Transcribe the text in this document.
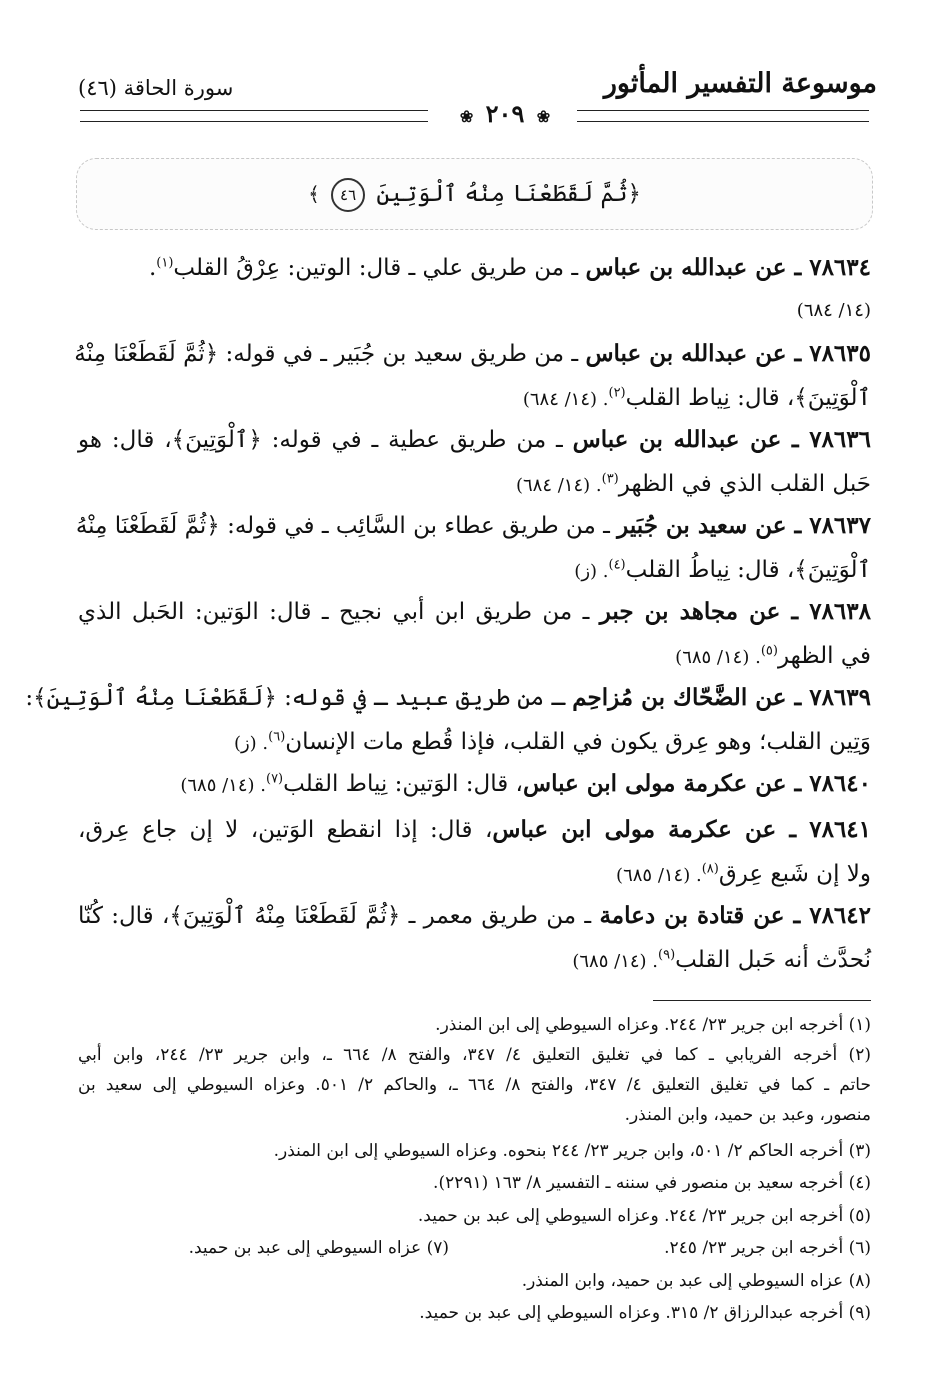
موسوعة التفسير المأثور
سورة الحاقة (٤٦)
❀ ٢٠٩ ❀
﴿ثُمَّ لَقَطَعْنَا مِنْهُ ٱلْوَتِينَ ٤٦ ﴾
٧٨٦٣٤ ـ عن عبدالله بن عباس ـ من طريق علي ـ قال: الوتين: عِرْقُ القلب$^{(١)}$.
(١٤/ ٦٨٤)
٧٨٦٣٥ ـ عن عبدالله بن عباس ـ من طريق سعيد بن جُبَير ـ في قوله: ﴿ثُمَّ لَقَطَعْنَا مِنْهُ
ٱلْوَتِينَ﴾، قال: نِياط القلب$^{(٢)}$. (١٤/ ٦٨٤)
٧٨٦٣٦ ـ عن عبدالله بن عباس ـ من طريق عطية ـ في قوله: ﴿ٱلْوَتِينَ﴾، قال: هو
حَبل القلب الذي في الظهر$^{(٣)}$. (١٤/ ٦٨٤)
٧٨٦٣٧ ـ عن سعيد بن جُبَير ـ من طريق عطاء بن السَّائِب ـ في قوله: ﴿ثُمَّ لَقَطَعْنَا مِنْهُ
ٱلْوَتِينَ﴾، قال: نِياطُ القلب$^{(٤)}$. (ز)
٧٨٦٣٨ ـ عن مجاهد بن جبر ـ من طريق ابن أبي نجيح ـ قال: الوَتين: الحَبل الذي
في الظهر$^{(٥)}$. (١٤/ ٦٨٥)
٧٨٦٣٩ ـ عن الضَّحّاك بن مُزاحِم ـ من طريق عبيد ـ في قوله: ﴿لَقَطَعْنَا مِنْهُ ٱلْوَتِينَ﴾:
وَتِين القلب؛ وهو عِرق يكون في القلب، فإذا قُطع مات الإنسان$^{(٦)}$. (ز)
٧٨٦٤٠ ـ عن عكرمة مولى ابن عباس، قال: الوَتين: نِياط القلب$^{(٧)}$. (١٤/ ٦٨٥)
٧٨٦٤١ ـ عن عكرمة مولى ابن عباس، قال: إذا انقطع الوَتين، لا إن جاع عِرق،
ولا إن شَبع عِرق$^{(٨)}$. (١٤/ ٦٨٥)
٧٨٦٤٢ ـ عن قتادة بن دعامة ـ من طريق معمر ـ ﴿ثُمَّ لَقَطَعْنَا مِنْهُ ٱلْوَتِينَ﴾، قال: كُنّا
نُحدَّث أنه حَبل القلب$^{(٩)}$. (١٤/ ٦٨٥)
(١) أخرجه ابن جرير ٢٣/ ٢٤٤. وعزاه السيوطي إلى ابن المنذر.
(٢) أخرجه الفريابي ـ كما في تغليق التعليق ٤/ ٣٤٧، والفتح ٨/ ٦٦٤ ـ، وابن جرير ٢٣/ ٢٤٤، وابن أبي
حاتم ـ كما في تغليق التعليق ٤/ ٣٤٧، والفتح ٨/ ٦٦٤ ـ، والحاكم ٢/ ٥٠١. وعزاه السيوطي إلى سعيد بن
منصور، وعبد بن حميد، وابن المنذر.
(٣) أخرجه الحاكم ٢/ ٥٠١، وابن جرير ٢٣/ ٢٤٤ بنحوه. وعزاه السيوطي إلى ابن المنذر.
(٤) أخرجه سعيد بن منصور في سننه ـ التفسير ٨/ ١٦٣ (٢٢٩١).
(٥) أخرجه ابن جرير ٢٣/ ٢٤٤. وعزاه السيوطي إلى عبد بن حميد.
(٦) أخرجه ابن جرير ٢٣/ ٢٤٥.
(٧) عزاه السيوطي إلى عبد بن حميد.
(٨) عزاه السيوطي إلى عبد بن حميد، وابن المنذر.
(٩) أخرجه عبدالرزاق ٢/ ٣١٥. وعزاه السيوطي إلى عبد بن حميد.
